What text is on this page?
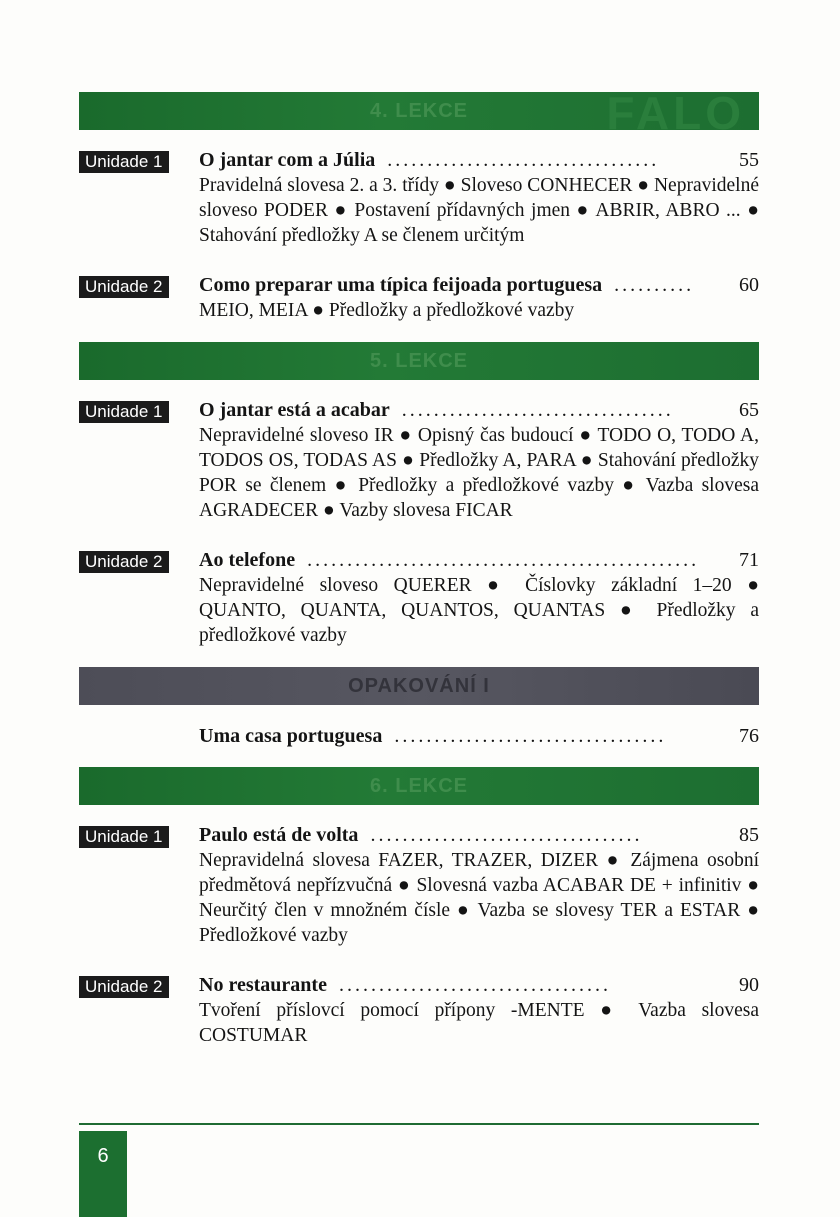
4. LEKCE	FALO
Unidade 1	O jantar com a Júlia ..................................	55
Pravidelná slovesa 2. a 3. třídy ● Sloveso CONHECER ● Nepravidelné sloveso PODER ● Postavení přídavných jmen ● ABRIR, ABRO ... ● Stahování předložky A se členem určitým
Unidade 2	Como preparar uma típica feijoada portuguesa ..........	60
MEIO, MEIA ● Předložky a předložkové vazby
5. LEKCE
Unidade 1	O jantar está a acabar ..................................	65
Nepravidelné sloveso IR ● Opisný čas budoucí ● TODO O, TODO A, TODOS OS, TODAS AS ● Předložky A, PARA ● Stahování předložky POR se členem ● Předložky a předložkové vazby ● Vazba slovesa AGRADECER ● Vazby slovesa FICAR
Unidade 2	Ao telefone .................................................	71
Nepravidelné sloveso QUERER ● Číslovky základní 1–20 ● QUANTO, QUANTA, QUANTOS, QUANTAS ● Předložky a předložkové vazby
OPAKOVÁNÍ I
Uma casa portuguesa ..................................	76
6. LEKCE
Unidade 1	Paulo está de volta ..................................	85
Nepravidelná slovesa FAZER, TRAZER, DIZER ● Zájmena osobní předmětová nepřízvučná ● Slovesná vazba ACABAR DE + infinitiv ● Neurčitý člen v množném čísle ● Vazba se slovesy TER a ESTAR ● Předložkové vazby
Unidade 2	No restaurante ..................................	90
Tvoření příslovcí pomocí přípony -MENTE ● Vazba slovesa COSTUMAR
6
